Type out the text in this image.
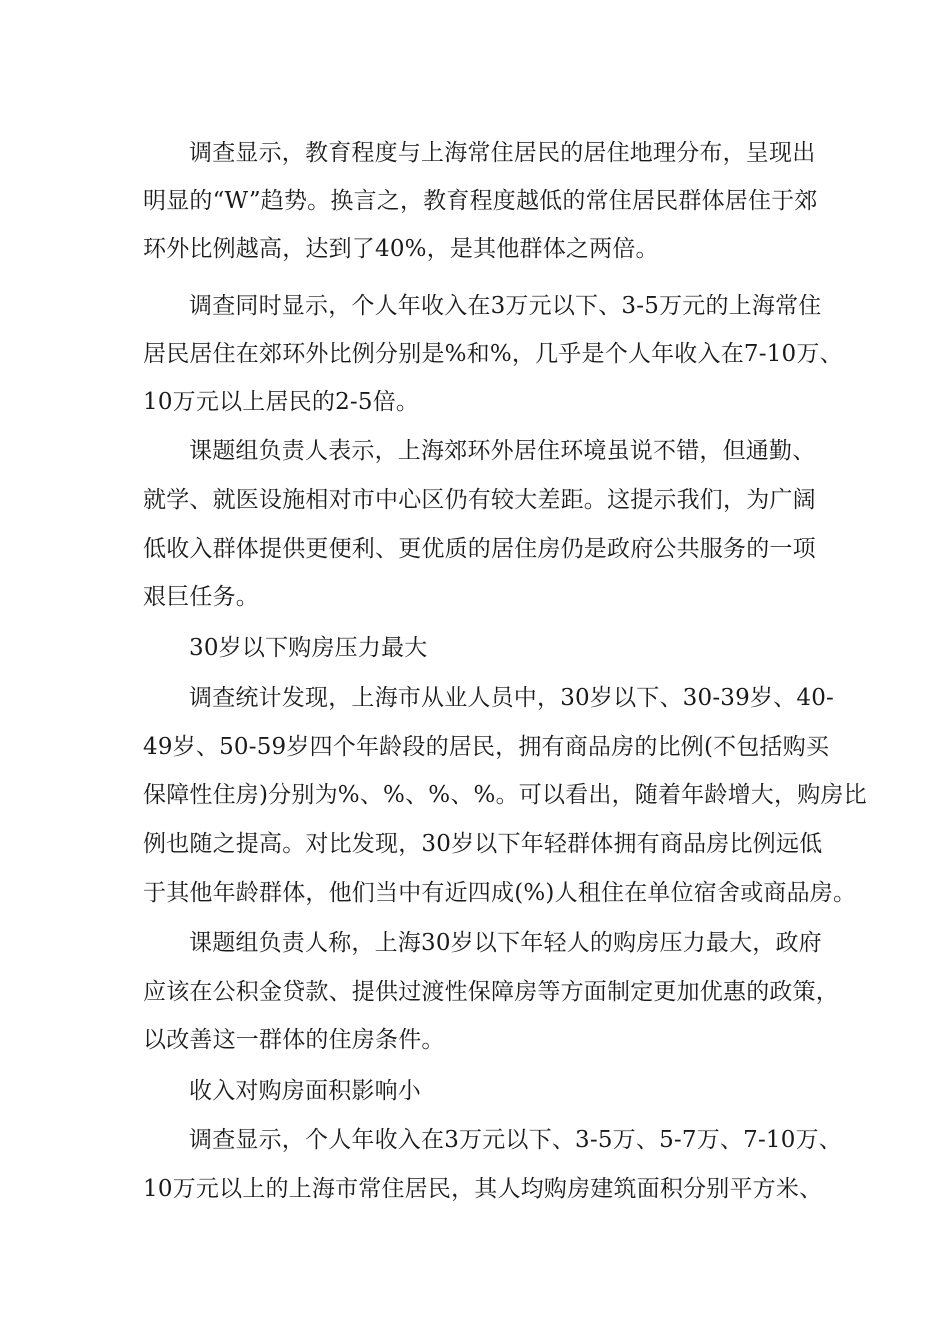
调查显示，教育程度与上海常住居民的居住地理分布，呈现出
明显的“W”趋势。换言之，教育程度越低的常住居民群体居住于郊
环外比例越高，达到了40%，是其他群体之两倍。
调查同时显示，个人年收入在3万元以下、3-5万元的上海常住
居民居住在郊环外比例分别是%和%，几乎是个人年收入在7-10万、
10万元以上居民的2-5倍。
课题组负责人表示，上海郊环外居住环境虽说不错，但通勤、
就学、就医设施相对市中心区仍有较大差距。这提示我们，为广阔
低收入群体提供更便利、更优质的居住房仍是政府公共服务的一项
艰巨任务。
30岁以下购房压力最大
调查统计发现，上海市从业人员中，30岁以下、30-39岁、40-
49岁、50-59岁四个年龄段的居民，拥有商品房的比例(不包括购买
保障性住房)分别为%、%、%、%。可以看出，随着年龄增大，购房比
例也随之提高。对比发现，30岁以下年轻群体拥有商品房比例远低
于其他年龄群体，他们当中有近四成(%)人租住在单位宿舍或商品房。
课题组负责人称，上海30岁以下年轻人的购房压力最大，政府
应该在公积金贷款、提供过渡性保障房等方面制定更加优惠的政策，
以改善这一群体的住房条件。
收入对购房面积影响小
调查显示，个人年收入在3万元以下、3-5万、5-7万、7-10万、
10万元以上的上海市常住居民，其人均购房建筑面积分别平方米、
